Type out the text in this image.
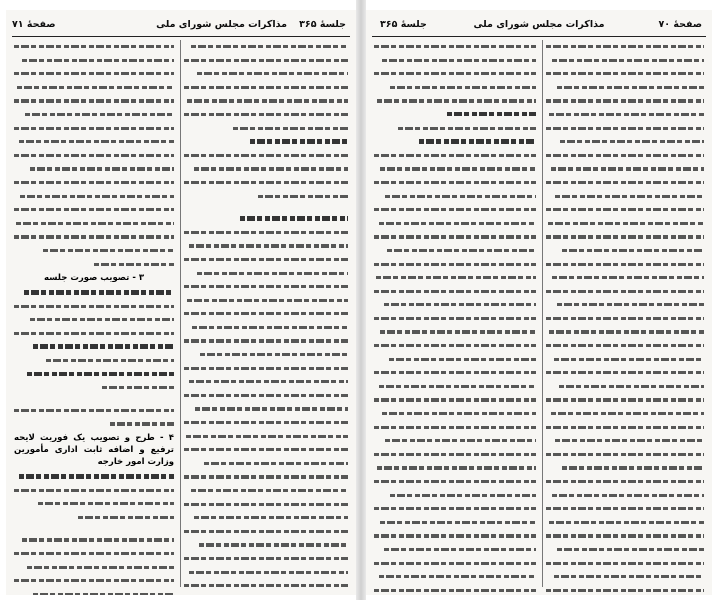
صفحهٔ ۷۱	مذاکرات مجلس شورای ملی جلسهٔ ۳۶۵
۳ - تصویب صورت جلسه
۴ - طرح و تصویب یک فوریت لایحه ترفیع و اضافه ثابت اداری مأمورین وزارت امور خارجه
جلسهٔ ۳۶۵	مذاکرات مجلس شورای ملی	صفحهٔ ۷۰
